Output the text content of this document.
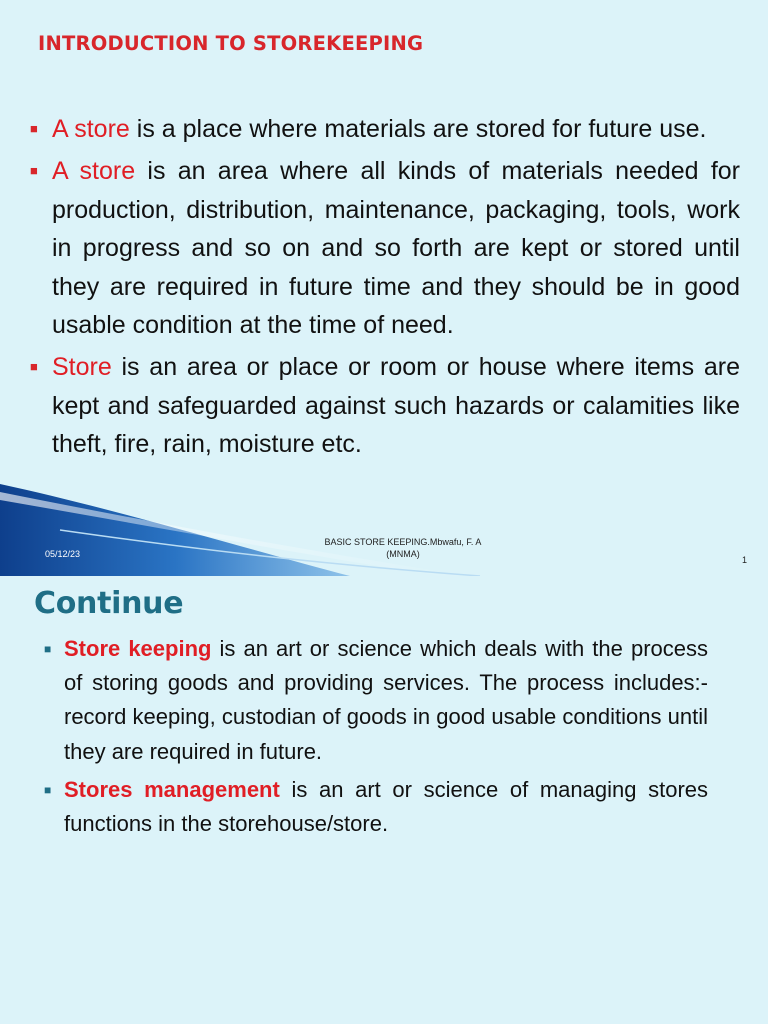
INTRODUCTION TO STOREKEEPING
■ A store is a place where materials are stored for future use.
■ A store is an area where all kinds of materials needed for production, distribution, maintenance, packaging, tools, work in progress and so on and so forth are kept or stored until they are required in future time and they should be in good usable condition at the time of need.
■ Store is an area or place or room or house where items are kept and safeguarded against such hazards or calamities like theft, fire, rain, moisture etc.
05/12/23
BASIC STORE KEEPING.Mbwafu, F. A
(MNMA)
1
Continue
■ Store keeping is an art or science which deals with the process of storing goods and providing services. The process includes:-record keeping, custodian of goods in good usable conditions until they are required in future.
■ Stores management is an art or science of managing stores functions in the storehouse/store.
